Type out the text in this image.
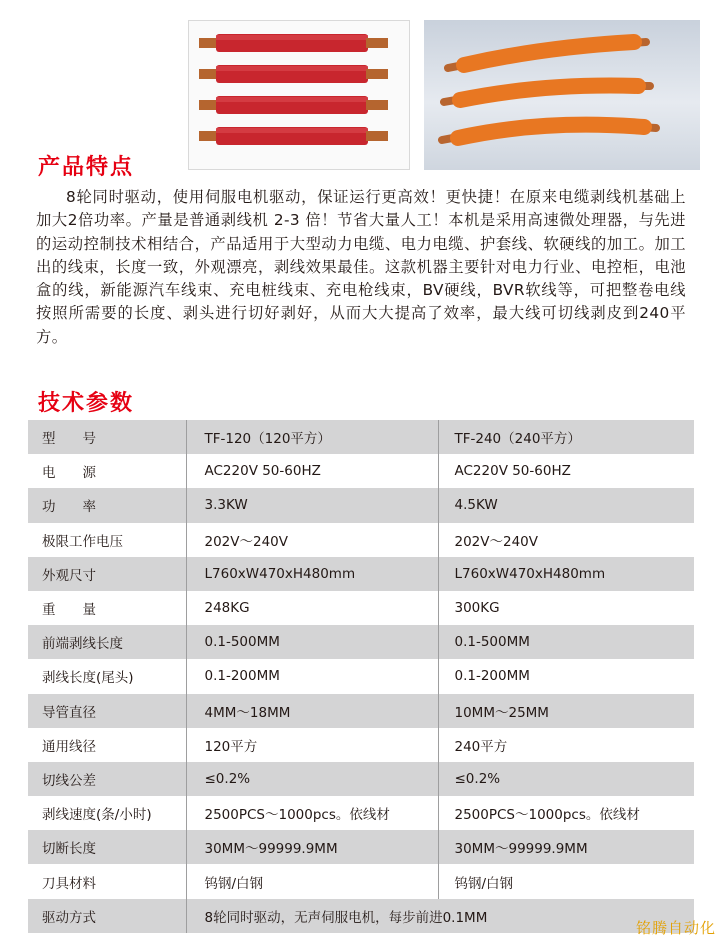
产品特点

8轮同时驱动，使用伺服电机驱动，保证运行更高效！更快捷！在原来电缆剥线机基础上加大2倍功率。产量是普通剥线机 2-3 倍！节省大量人工！本机是采用高速微处理器，与先进的运动控制技术相结合，产品适用于大型动力电缆、电力电缆、护套线、软硬线的加工。加工出的线束，长度一致，外观漂亮，剥线效果最佳。这款机器主要针对电力行业、电控柜，电池盒的线，新能源汽车线束、充电桩线束、充电枪线束，BV硬线，BVR软线等，可把整卷电线按照所需要的长度、剥头进行切好剥好，从而大大提高了效率，最大线可切线剥皮到240平方。

技术参数
型　　号	TF-120（120平方）	TF-240（240平方）
电　　源	AC220V 50-60HZ	AC220V 50-60HZ
功　　率	3.3KW	4.5KW
极限工作电压	202V～240V	202V～240V
外观尺寸	L760xW470xH480mm	L760xW470xH480mm
重　　量	248KG	300KG
前端剥线长度	0.1-500MM	0.1-500MM
剥线长度(尾头)	0.1-200MM	0.1-200MM
导管直径	4MM～18MM	10MM～25MM
通用线径	120平方	240平方
切线公差	≤0.2%	≤0.2%
剥线速度(条/小时)	2500PCS～1000pcs。依线材	2500PCS～1000pcs。依线材
切断长度	30MM～99999.9MM	30MM～99999.9MM
刀具材料	钨钢/白钢	钨钢/白钢
驱动方式	8轮同时驱动，无声伺服电机，每步前进0.1MM	
铭腾自动化
